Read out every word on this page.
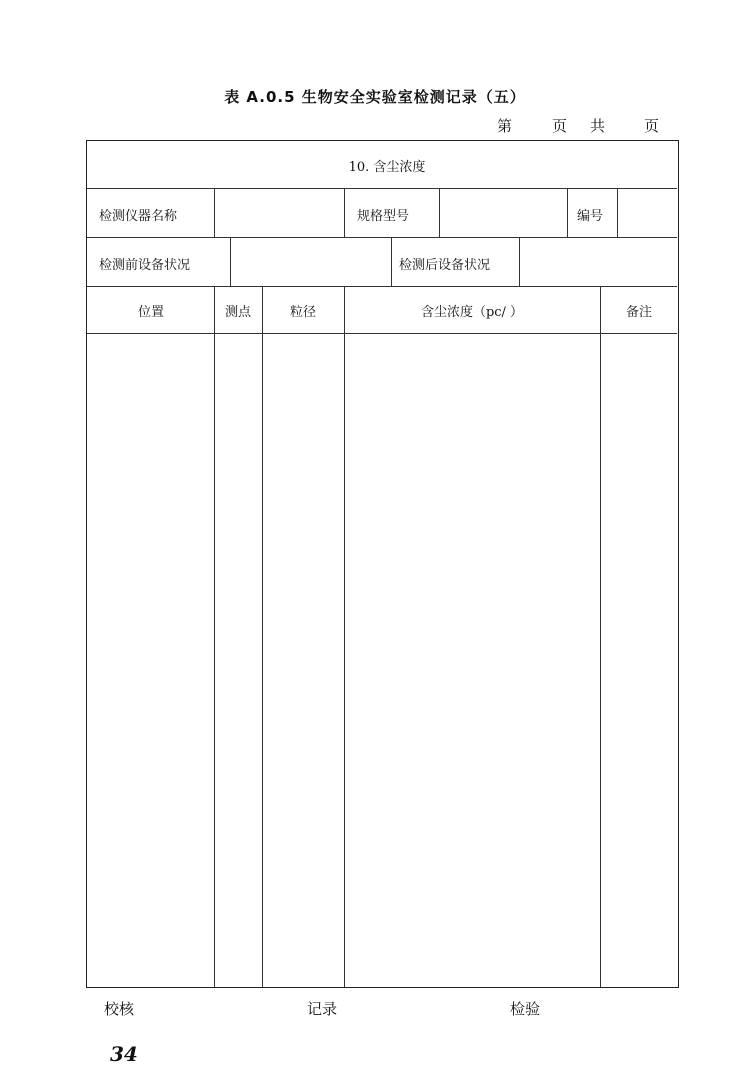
表 A.0.5 生物安全实验室检测记录（五）
第	页 共	页
10. 含尘浓度
检测仪器名称	规格型号	编号
检测前设备状况	检测后设备状况
位置	测点	粒径	含尘浓度（pc/ ）	备注
校核	记录	检验
34
